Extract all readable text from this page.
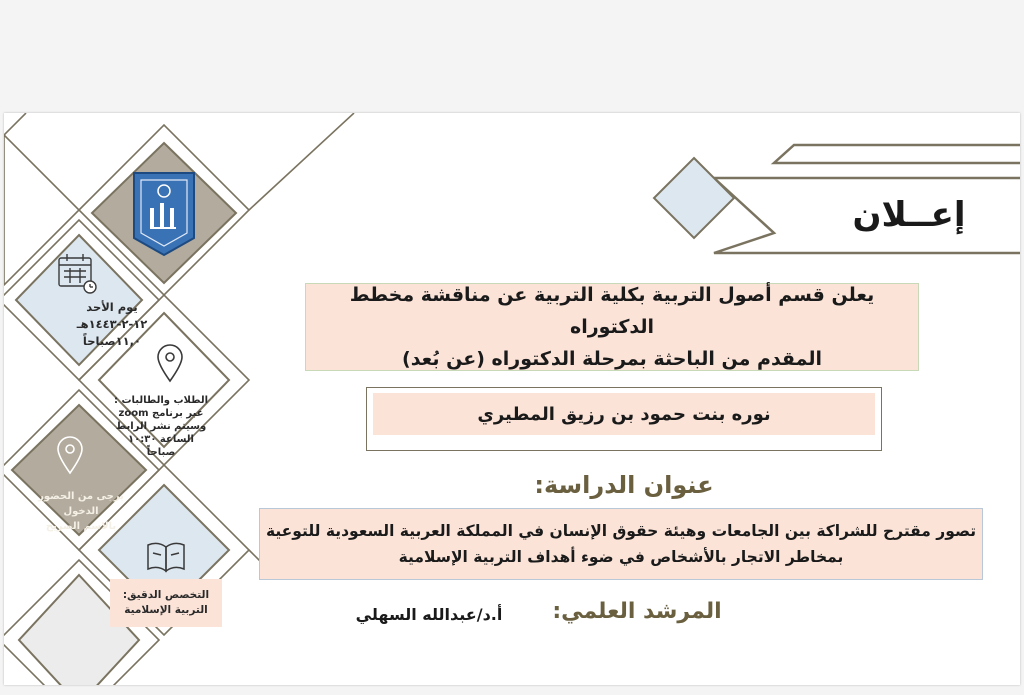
إعــلان
يعلن قسم أصول التربية بكلية التربية عن مناقشة مخطط الدكتوراه
المقدم من الباحثة بمرحلة الدكتوراه (عن بُعد)
نوره بنت حمود بن رزيق المطيري
عنوان الدراسة:
تصور مقترح للشراكة بين الجامعات وهيئة حقوق الإنسان في المملكة العربية السعودية للتوعية
بمخاطر الاتجار بالأشخاص في ضوء أهداف التربية الإسلامية
المرشد العلمي:
أ.د/عبدالله السهلي
يوم الأحد
١٢-٢-١٤٤٣هـ
١١,٠صباحاً
الطلاب والطالبات :
عبر برنامج zoom
وسيتم نشر الرابط
الساعة ١٠:٣٠
صباحاً
يرجى من الحضور
الدخول
بالاسم الصريح
التخصص الدقيق:
التربية الإسلامية
